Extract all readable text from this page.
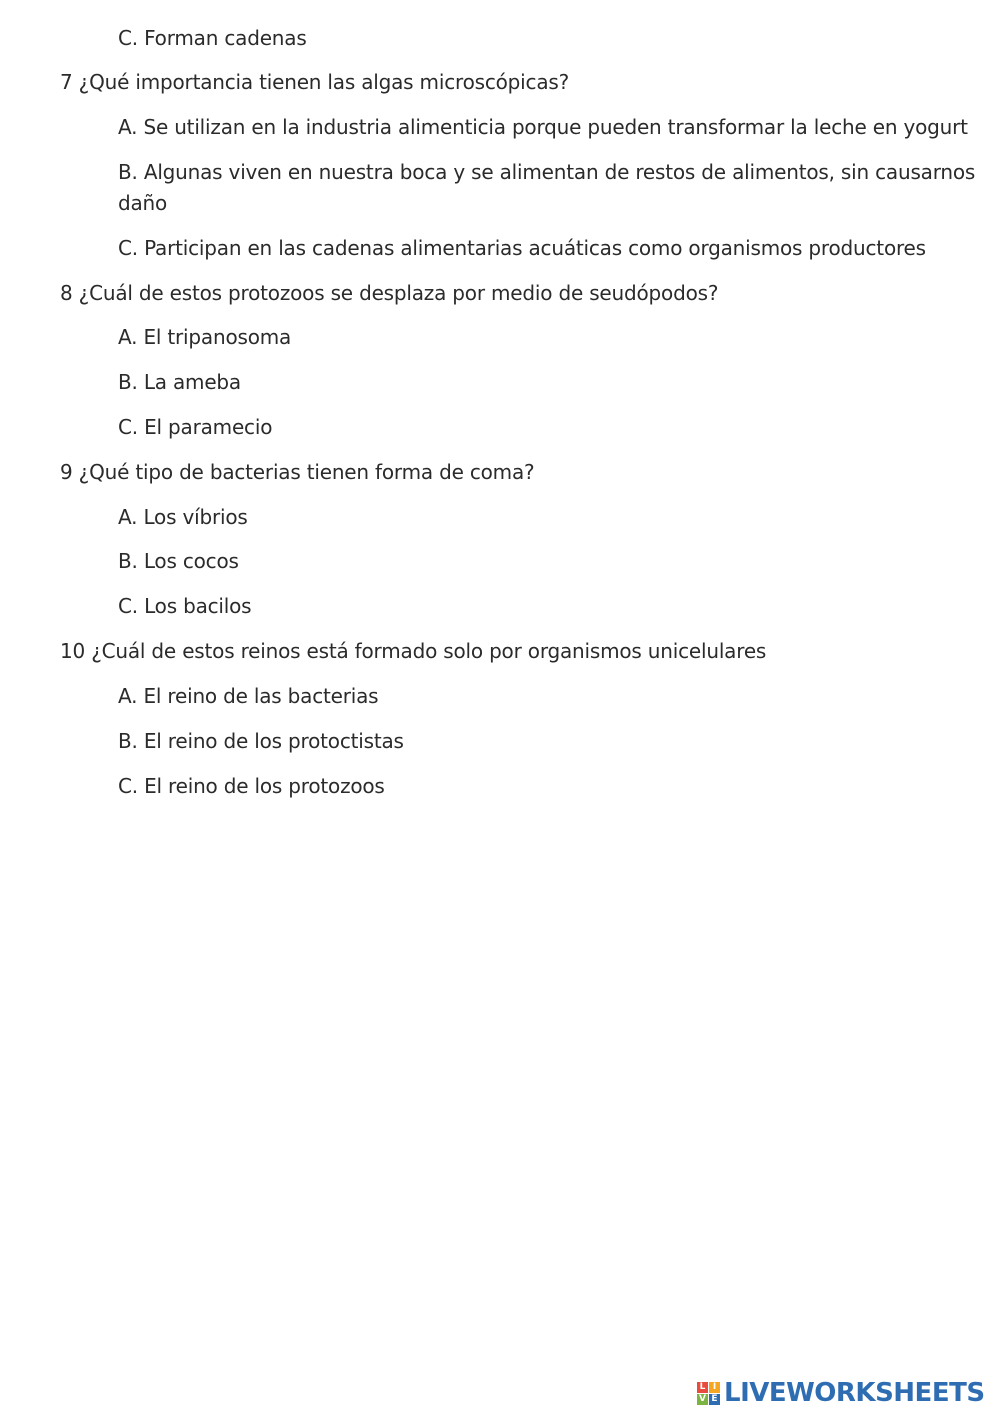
C. Forman cadenas
7 ¿Qué importancia tienen las algas microscópicas?
A. Se utilizan en la industria alimenticia porque pueden transformar la leche en yogurt
B. Algunas viven en nuestra boca y se alimentan de restos de alimentos, sin causarnos daño
C. Participan en las cadenas alimentarias acuáticas como organismos productores
8 ¿Cuál de estos protozoos se desplaza por medio de seudópodos?
A. El tripanosoma
B. La ameba
C. El paramecio
9 ¿Qué tipo de bacterias tienen forma de coma?
A. Los víbrios
B. Los cocos
C. Los bacilos
10 ¿Cuál de estos reinos está formado solo por organismos unicelulares
A. El reino de las bacterias
B. El reino de los protoctistas
C. El reino de los protozoos
L I
V E LIVEWORKSHEETS
